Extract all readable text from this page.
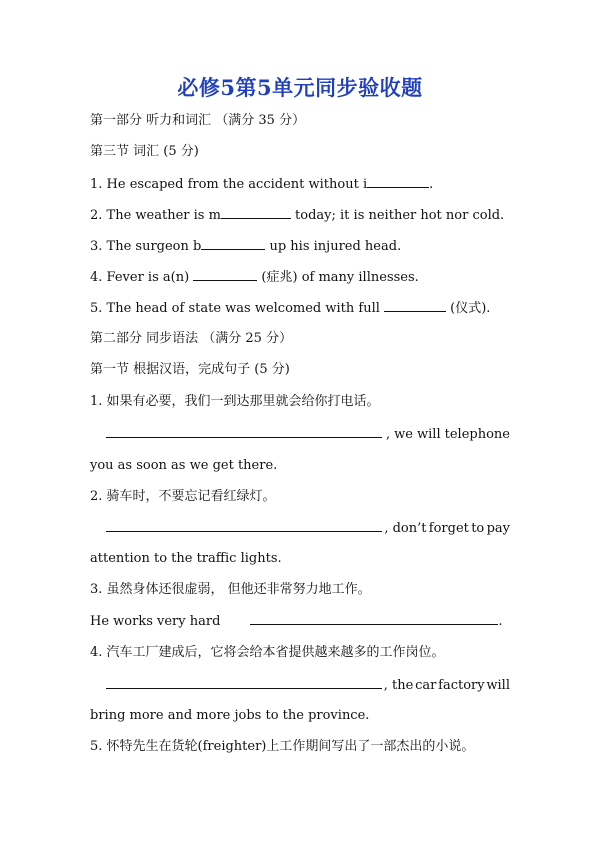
必修5第5单元同步验收题
第一部分 听力和词汇 （满分 35 分）
第三节 词汇 (5 分)
1. He escaped from the accident without i	.
2. The weather is m	today; it is neither hot nor cold.
3. The surgeon b	up his injured head.
4. Fever is a(n)	(症兆) of many illnesses.
5. The head of state was welcomed with full	(仪式).
第二部分 同步语法 （满分 25 分）
第一节 根据汉语，完成句子 (5 分)
1. 如果有必要，我们一到达那里就会给你打电话。
, we will telephone
you as soon as we get there.
2. 骑车时，不要忘记看红绿灯。
, don’t forget to pay
attention to the traffic lights.
3. 虽然身体还很虚弱， 但他还非常努力地工作。
He works very hard	.
4. 汽车工厂建成后，它将会给本省提供越来越多的工作岗位。
, the car factory will
bring more and more jobs to the province.
5. 怀特先生在货轮(freighter)上工作期间写出了一部杰出的小说。
